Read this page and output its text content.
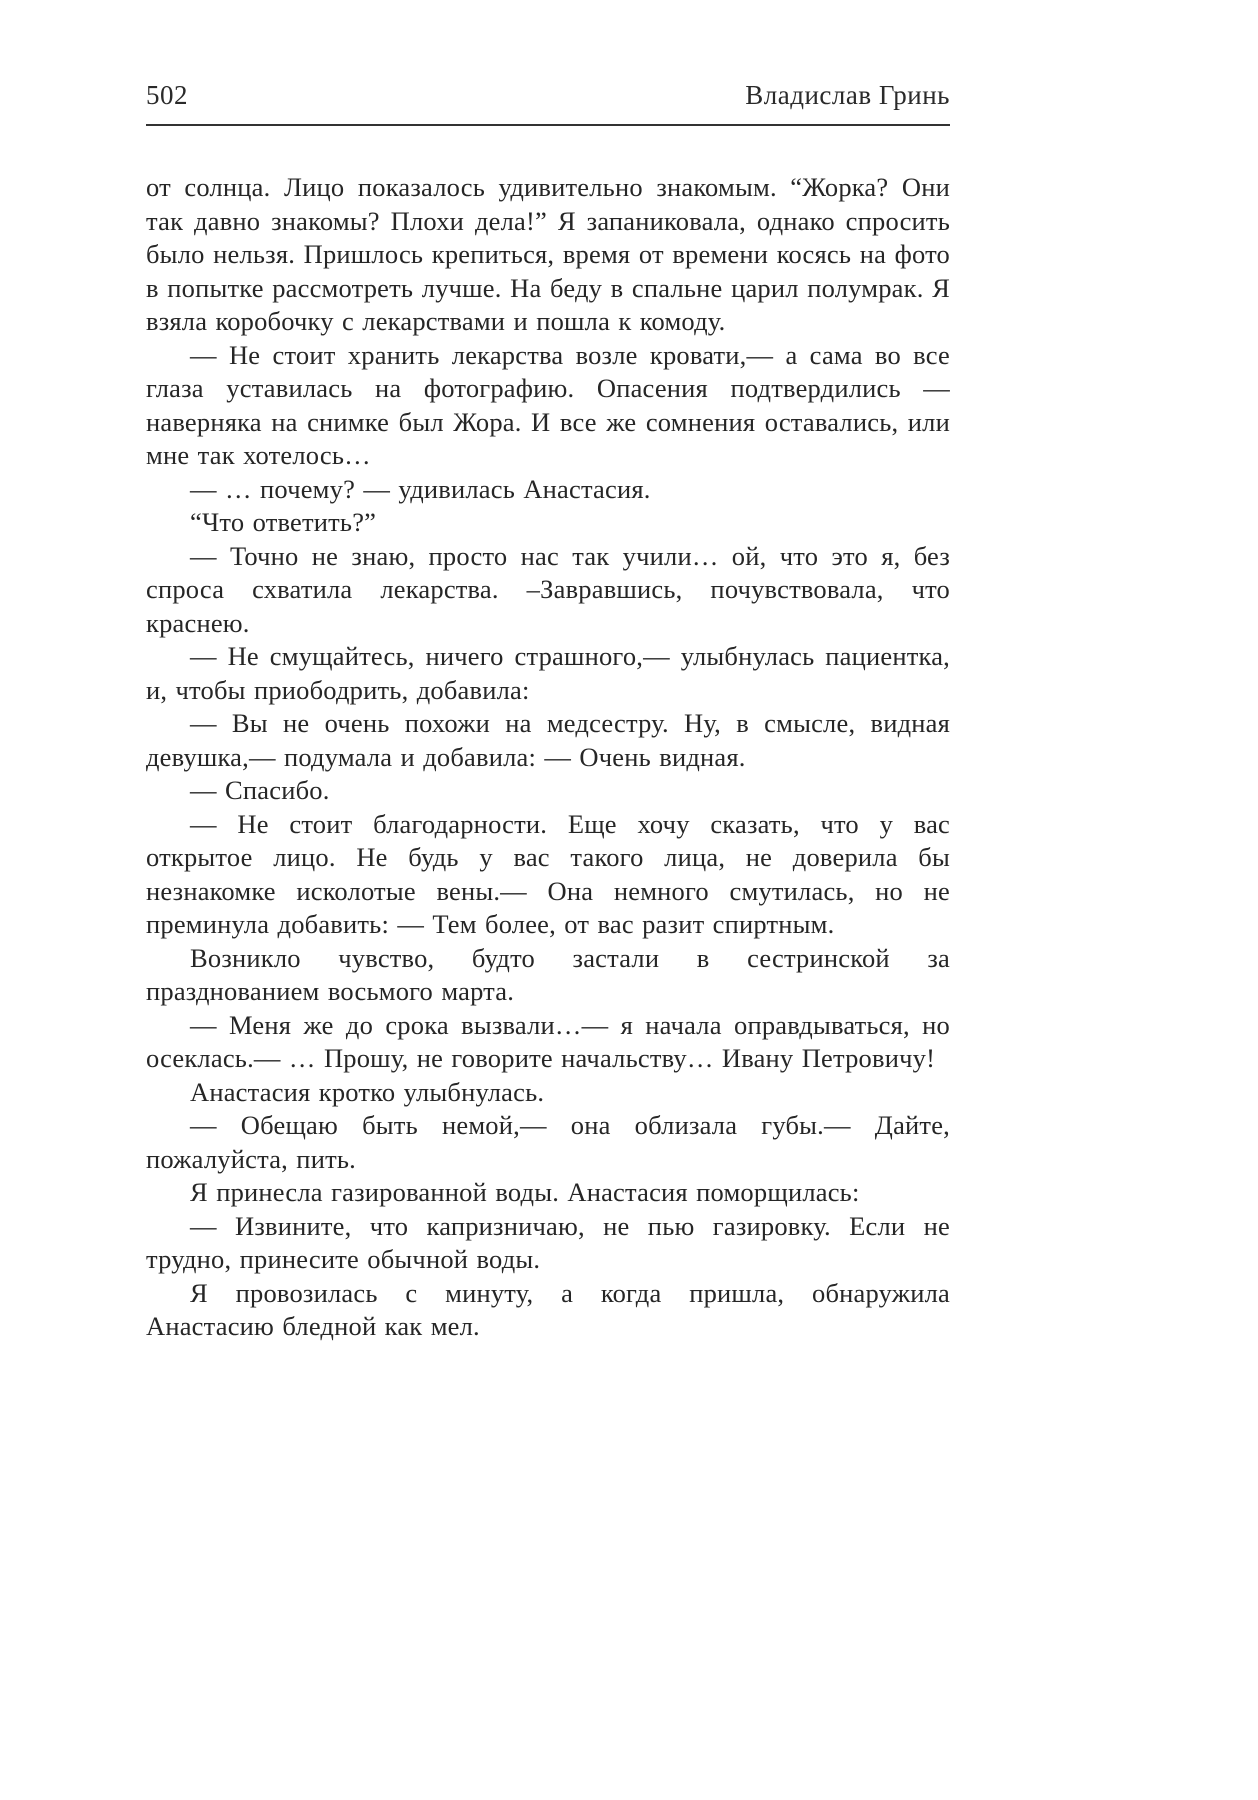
502	Владислав Гринь

от солнца. Лицо показалось удивительно знакомым. “Жорка? Они так давно знакомы? Плохи дела!” Я запаниковала, однако спросить было нельзя. Пришлось крепиться, время от времени косясь на фото в попытке рассмотреть лучше. На беду в спальне царил полумрак. Я взяла коробочку с лекарствами и пошла к комоду.

— Не стоит хранить лекарства возле кровати,— а сама во все глаза уставилась на фотографию. Опасения подтвердились — наверняка на снимке был Жора. И все же сомнения оставались, или мне так хотелось…

— … почему? — удивилась Анастасия.

“Что ответить?”

— Точно не знаю, просто нас так учили… ой, что это я, без спроса схватила лекарства. –Завравшись, почувствовала, что краснею.

— Не смущайтесь, ничего страшного,— улыбнулась пациентка, и, чтобы приободрить, добавила:

— Вы не очень похожи на медсестру. Ну, в смысле, видная девушка,— подумала и добавила: — Очень видная.

— Спасибо.

— Не стоит благодарности. Еще хочу сказать, что у вас открытое лицо. Не будь у вас такого лица, не доверила бы незнакомке исколотые вены.— Она немного смутилась, но не преминула добавить: — Тем более, от вас разит спиртным.

Возникло чувство, будто застали в сестринской за празднованием восьмого марта.

— Меня же до срока вызвали…— я начала оправдываться, но осеклась.— … Прошу, не говорите начальству… Ивану Петровичу!

Анастасия кротко улыбнулась.

— Обещаю быть немой,— она облизала губы.— Дайте, пожалуйста, пить.

Я принесла газированной воды. Анастасия поморщилась:

— Извините, что капризничаю, не пью газировку. Если не трудно, принесите обычной воды.

Я провозилась с минуту, а когда пришла, обнаружила Анастасию бледной как мел.
